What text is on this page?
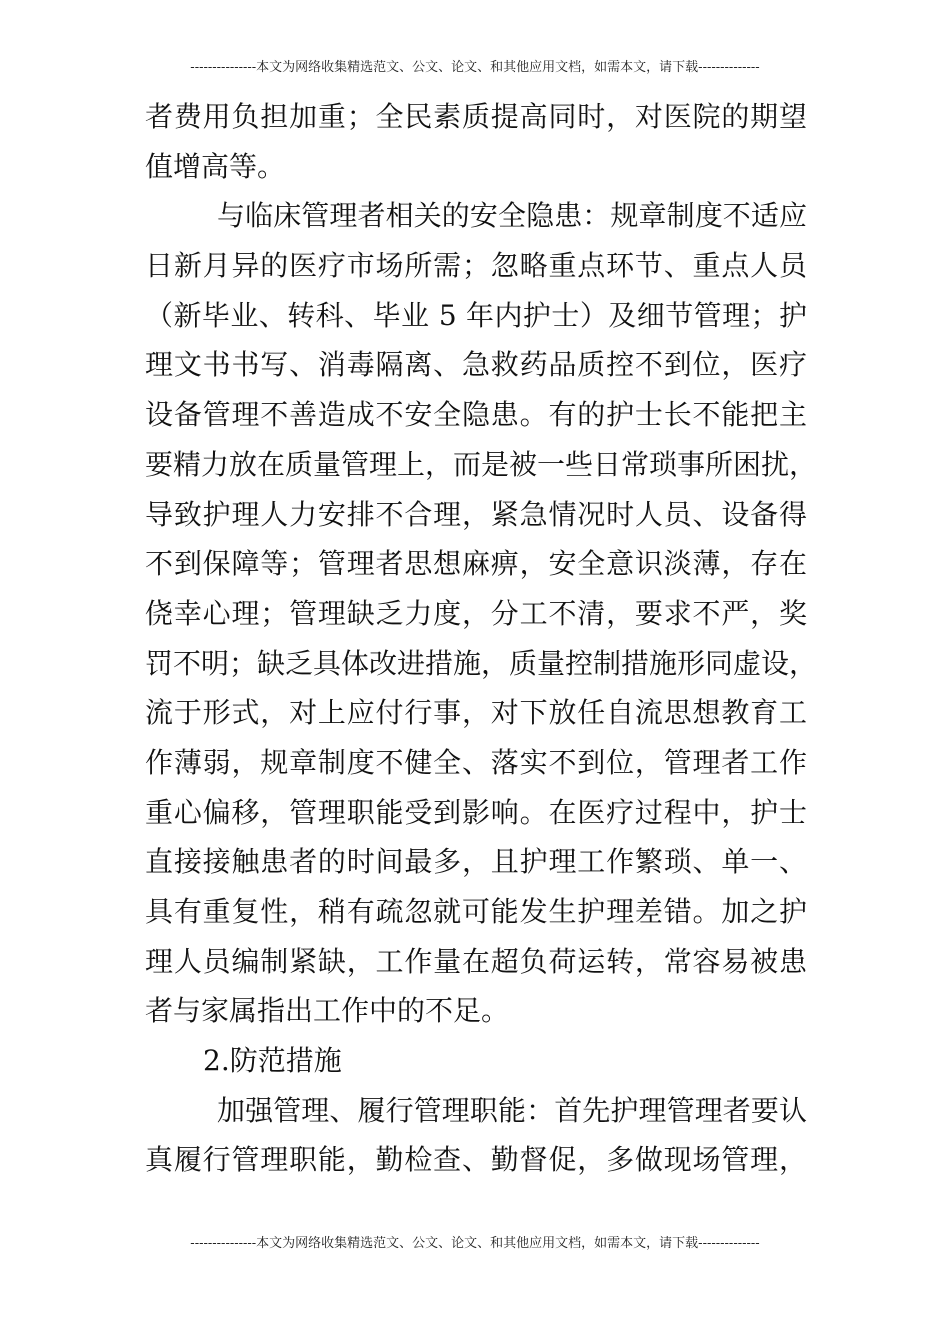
---------------本文为网络收集精选范文、公文、论文、和其他应用文档，如需本文，请下载--------------
者费用负担加重；全民素质提高同时，对医院的期望
值增高等。
与临床管理者相关的安全隐患：规章制度不适应
日新月异的医疗市场所需；忽略重点环节、重点人员
（新毕业、转科、毕业 5 年内护士）及细节管理；护
理文书书写、消毒隔离、急救药品质控不到位，医疗
设备管理不善造成不安全隐患。有的护士长不能把主
要精力放在质量管理上，而是被一些日常琐事所困扰，
导致护理人力安排不合理，紧急情况时人员、设备得
不到保障等；管理者思想麻痹，安全意识淡薄，存在
侥幸心理；管理缺乏力度，分工不清，要求不严，奖
罚不明；缺乏具体改进措施，质量控制措施形同虚设，
流于形式，对上应付行事，对下放任自流思想教育工
作薄弱，规章制度不健全、落实不到位，管理者工作
重心偏移，管理职能受到影响。在医疗过程中，护士
直接接触患者的时间最多，且护理工作繁琐、单一、
具有重复性，稍有疏忽就可能发生护理差错。加之护
理人员编制紧缺，工作量在超负荷运转，常容易被患
者与家属指出工作中的不足。
2.防范措施
加强管理、履行管理职能：首先护理管理者要认
真履行管理职能，勤检查、勤督促，多做现场管理，
---------------本文为网络收集精选范文、公文、论文、和其他应用文档，如需本文，请下载--------------
